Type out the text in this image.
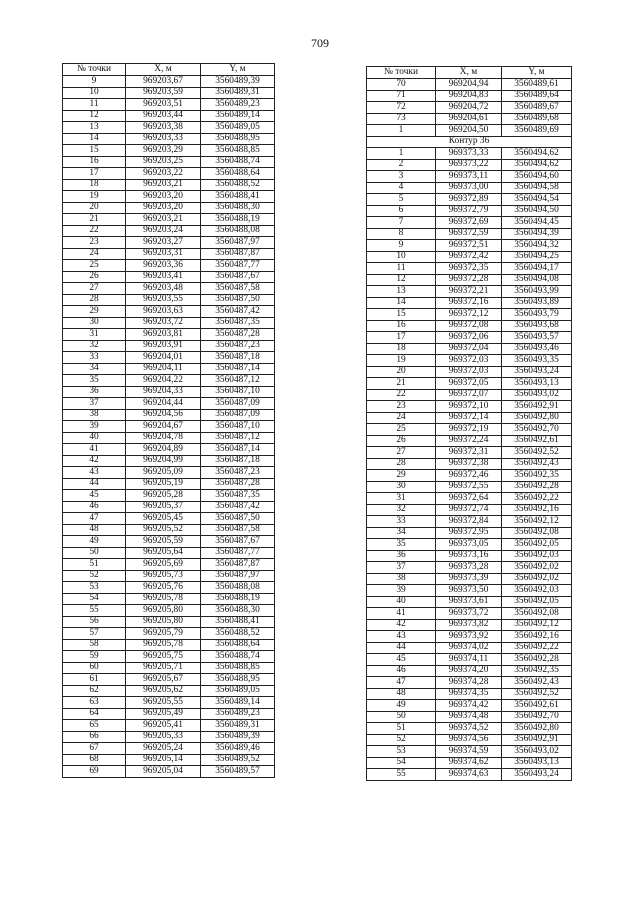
709
№ точки	X, м	Y, м
9	969203,67	3560489,39
10	969203,59	3560489,31
11	969203,51	3560489,23
12	969203,44	3560489,14
13	969203,38	3560489,05
14	969203,33	3560488,95
15	969203,29	3560488,85
16	969203,25	3560488,74
17	969203,22	3560488,64
18	969203,21	3560488,52
19	969203,20	3560488,41
20	969203,20	3560488,30
21	969203,21	3560488,19
22	969203,24	3560488,08
23	969203,27	3560487,97
24	969203,31	3560487,87
25	969203,36	3560487,77
26	969203,41	3560487,67
27	969203,48	3560487,58
28	969203,55	3560487,50
29	969203,63	3560487,42
30	969203,72	3560487,35
31	969203,81	3560487,28
32	969203,91	3560487,23
33	969204,01	3560487,18
34	969204,11	3560487,14
35	969204,22	3560487,12
36	969204,33	3560487,10
37	969204,44	3560487,09
38	969204,56	3560487,09
39	969204,67	3560487,10
40	969204,78	3560487,12
41	969204,89	3560487,14
42	969204,99	3560487,18
43	969205,09	3560487,23
44	969205,19	3560487,28
45	969205,28	3560487,35
46	969205,37	3560487,42
47	969205,45	3560487,50
48	969205,52	3560487,58
49	969205,59	3560487,67
50	969205,64	3560487,77
51	969205,69	3560487,87
52	969205,73	3560487,97
53	969205,76	3560488,08
54	969205,78	3560488,19
55	969205,80	3560488,30
56	969205,80	3560488,41
57	969205,79	3560488,52
58	969205,78	3560488,64
59	969205,75	3560488,74
60	969205,71	3560488,85
61	969205,67	3560488,95
62	969205,62	3560489,05
63	969205,55	3560489,14
64	969205,49	3560489,23
65	969205,41	3560489,31
66	969205,33	3560489,39
67	969205,24	3560489,46
68	969205,14	3560489,52
69	969205,04	3560489,57
№ точки	X, м	Y, м
70	969204,94	3560489,61
71	969204,83	3560489,64
72	969204,72	3560489,67
73	969204,61	3560489,68
1	969204,50	3560489,69
Контур 36		
1	969373,33	3560494,62
2	969373,22	3560494,62
3	969373,11	3560494,60
4	969373,00	3560494,58
5	969372,89	3560494,54
6	969372,79	3560494,50
7	969372,69	3560494,45
8	969372,59	3560494,39
9	969372,51	3560494,32
10	969372,42	3560494,25
11	969372,35	3560494,17
12	969372,28	3560494,08
13	969372,21	3560493,99
14	969372,16	3560493,89
15	969372,12	3560493,79
16	969372,08	3560493,68
17	969372,06	3560493,57
18	969372,04	3560493,46
19	969372,03	3560493,35
20	969372,03	3560493,24
21	969372,05	3560493,13
22	969372,07	3560493,02
23	969372,10	3560492,91
24	969372,14	3560492,80
25	969372,19	3560492,70
26	969372,24	3560492,61
27	969372,31	3560492,52
28	969372,38	3560492,43
29	969372,46	3560492,35
30	969372,55	3560492,28
31	969372,64	3560492,22
32	969372,74	3560492,16
33	969372,84	3560492,12
34	969372,95	3560492,08
35	969373,05	3560492,05
36	969373,16	3560492,03
37	969373,28	3560492,02
38	969373,39	3560492,02
39	969373,50	3560492,03
40	969373,61	3560492,05
41	969373,72	3560492,08
42	969373,82	3560492,12
43	969373,92	3560492,16
44	969374,02	3560492,22
45	969374,11	3560492,28
46	969374,20	3560492,35
47	969374,28	3560492,43
48	969374,35	3560492,52
49	969374,42	3560492,61
50	969374,48	3560492,70
51	969374,52	3560492,80
52	969374,56	3560492,91
53	969374,59	3560493,02
54	969374,62	3560493,13
55	969374,63	3560493,24
